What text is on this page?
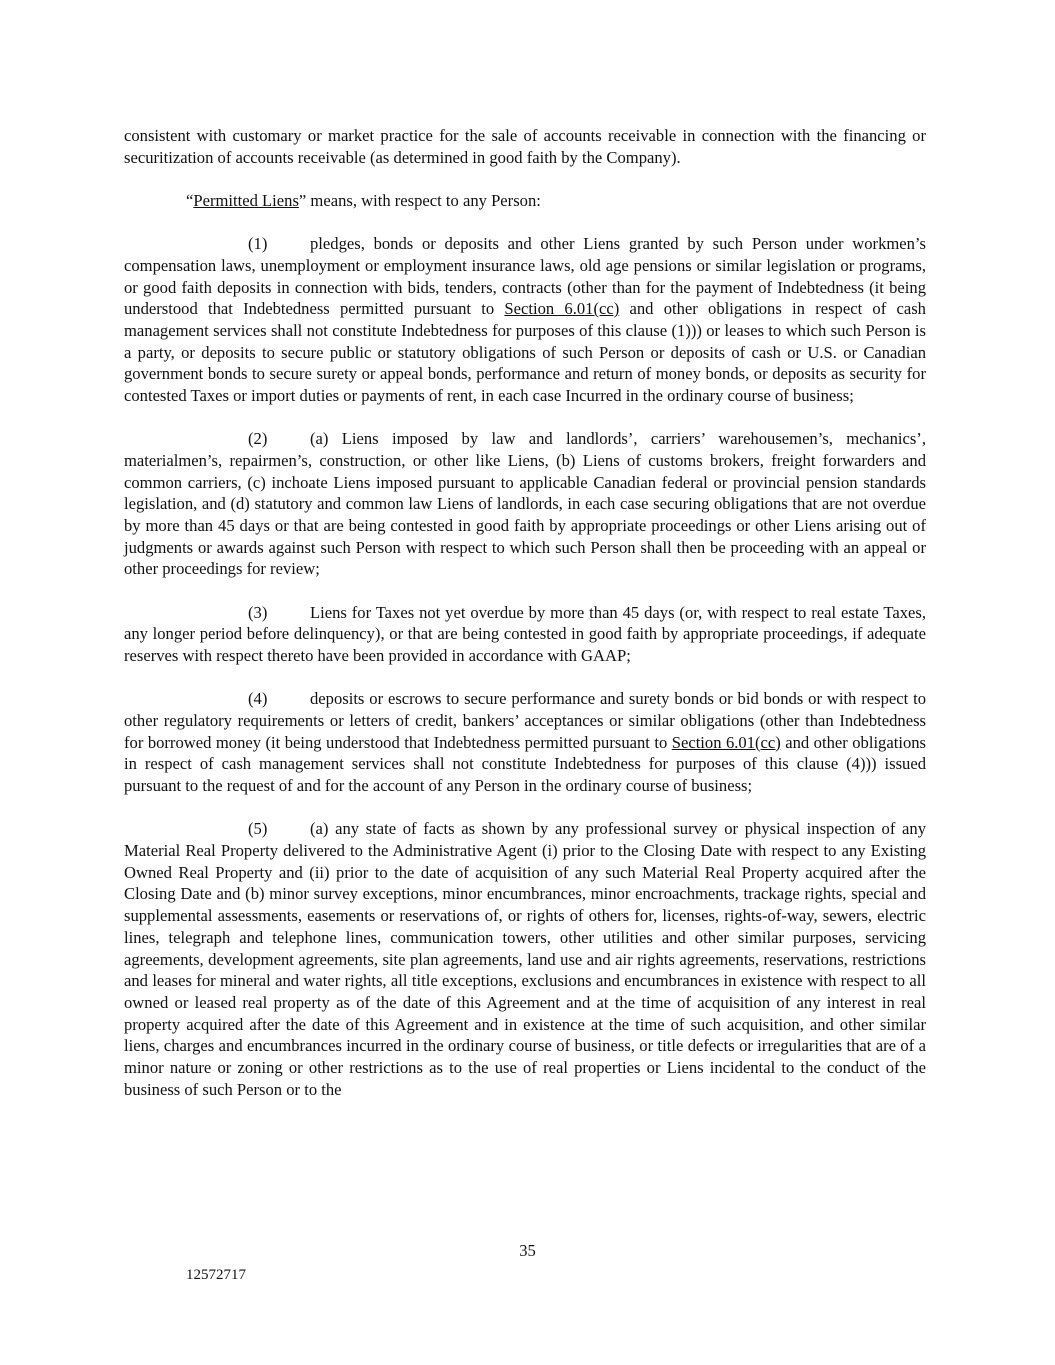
consistent with customary or market practice for the sale of accounts receivable in connection with the financing or securitization of accounts receivable (as determined in good faith by the Company).

“Permitted Liens” means, with respect to any Person:

(1)	pledges, bonds or deposits and other Liens granted by such Person under workmen’s compensation laws, unemployment or employment insurance laws, old age pensions or similar legislation or programs, or good faith deposits in connection with bids, tenders, contracts (other than for the payment of Indebtedness (it being understood that Indebtedness permitted pursuant to Section 6.01(cc) and other obligations in respect of cash management services shall not constitute Indebtedness for purposes of this clause (1))) or leases to which such Person is a party, or deposits to secure public or statutory obligations of such Person or deposits of cash or U.S. or Canadian government bonds to secure surety or appeal bonds, performance and return of money bonds, or deposits as security for contested Taxes or import duties or payments of rent, in each case Incurred in the ordinary course of business;

(2)	(a) Liens imposed by law and landlords’, carriers’ warehousemen’s, mechanics’, materialmen’s, repairmen’s, construction, or other like Liens, (b) Liens of customs brokers, freight forwarders and common carriers, (c) inchoate Liens imposed pursuant to applicable Canadian federal or provincial pension standards legislation, and (d) statutory and common law Liens of landlords, in each case securing obligations that are not overdue by more than 45 days or that are being contested in good faith by appropriate proceedings or other Liens arising out of judgments or awards against such Person with respect to which such Person shall then be proceeding with an appeal or other proceedings for review;

(3)	Liens for Taxes not yet overdue by more than 45 days (or, with respect to real estate Taxes, any longer period before delinquency), or that are being contested in good faith by appropriate proceedings, if adequate reserves with respect thereto have been provided in accordance with GAAP;

(4)	deposits or escrows to secure performance and surety bonds or bid bonds or with respect to other regulatory requirements or letters of credit, bankers’ acceptances or similar obligations (other than Indebtedness for borrowed money (it being understood that Indebtedness permitted pursuant to Section 6.01(cc) and other obligations in respect of cash management services shall not constitute Indebtedness for purposes of this clause (4))) issued pursuant to the request of and for the account of any Person in the ordinary course of business;

(5)	(a) any state of facts as shown by any professional survey or physical inspection of any Material Real Property delivered to the Administrative Agent (i) prior to the Closing Date with respect to any Existing Owned Real Property and (ii) prior to the date of acquisition of any such Material Real Property acquired after the Closing Date and (b) minor survey exceptions, minor encumbrances, minor encroachments, trackage rights, special and supplemental assessments, easements or reservations of, or rights of others for, licenses, rights-of-way, sewers, electric lines, telegraph and telephone lines, communication towers, other utilities and other similar purposes, servicing agreements, development agreements, site plan agreements, land use and air rights agreements, reservations, restrictions and leases for mineral and water rights, all title exceptions, exclusions and encumbrances in existence with respect to all owned or leased real property as of the date of this Agreement and at the time of acquisition of any interest in real property acquired after the date of this Agreement and in existence at the time of such acquisition, and other similar liens, charges and encumbrances incurred in the ordinary course of business, or title defects or irregularities that are of a minor nature or zoning or other restrictions as to the use of real properties or Liens incidental to the conduct of the business of such Person or to the

35
12572717
